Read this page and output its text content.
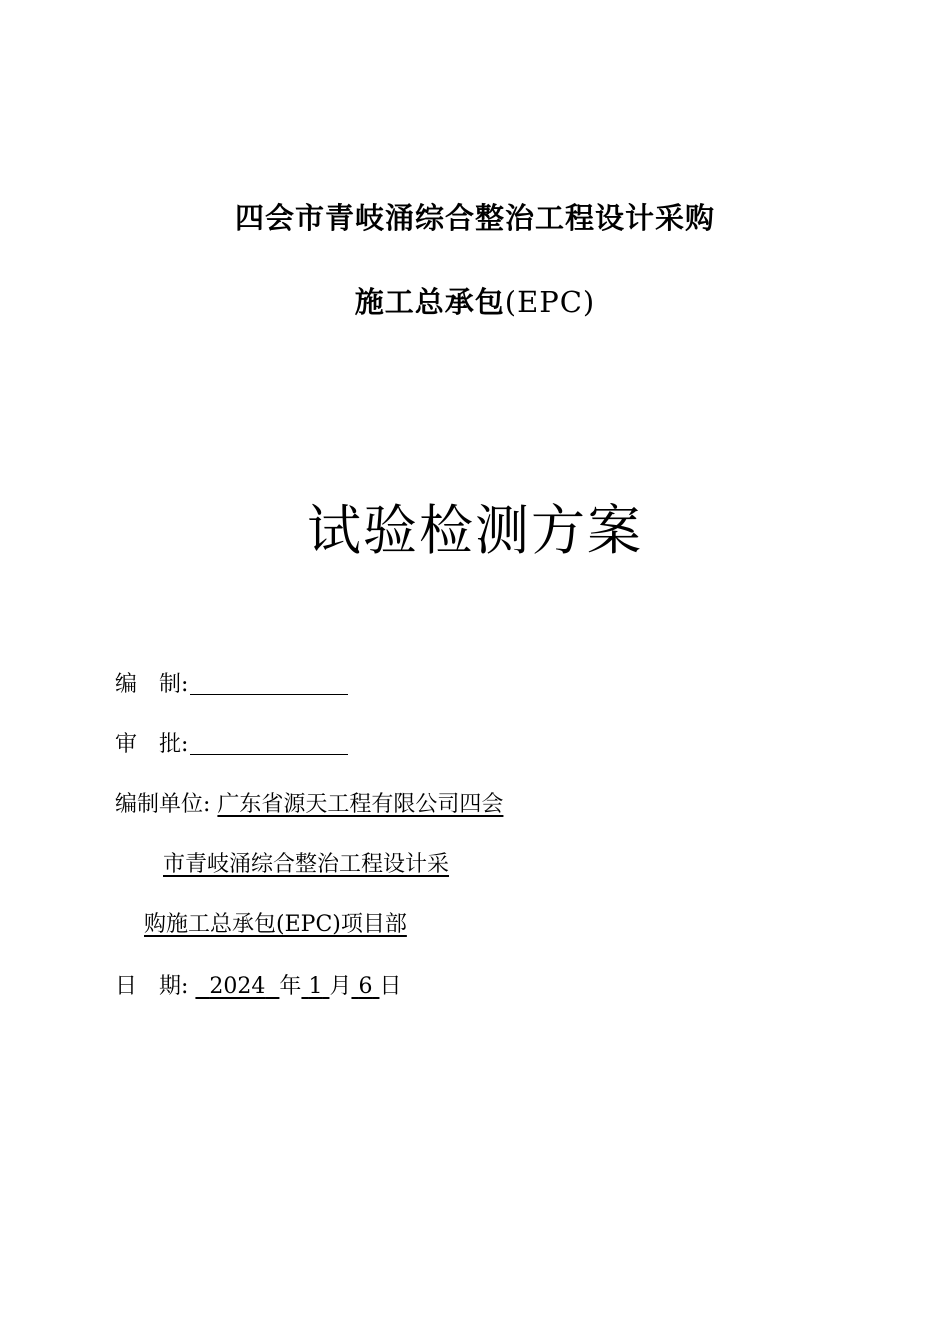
四会市青岐涌综合整治工程设计采购
施工总承包(EPC)
试验检测方案
编　制:
审　批:
编制单位: 广东省源天工程有限公司四会
市青岐涌综合整治工程设计采
购施工总承包(EPC)项目部
日　期: 2024 年 1 月 6 日
